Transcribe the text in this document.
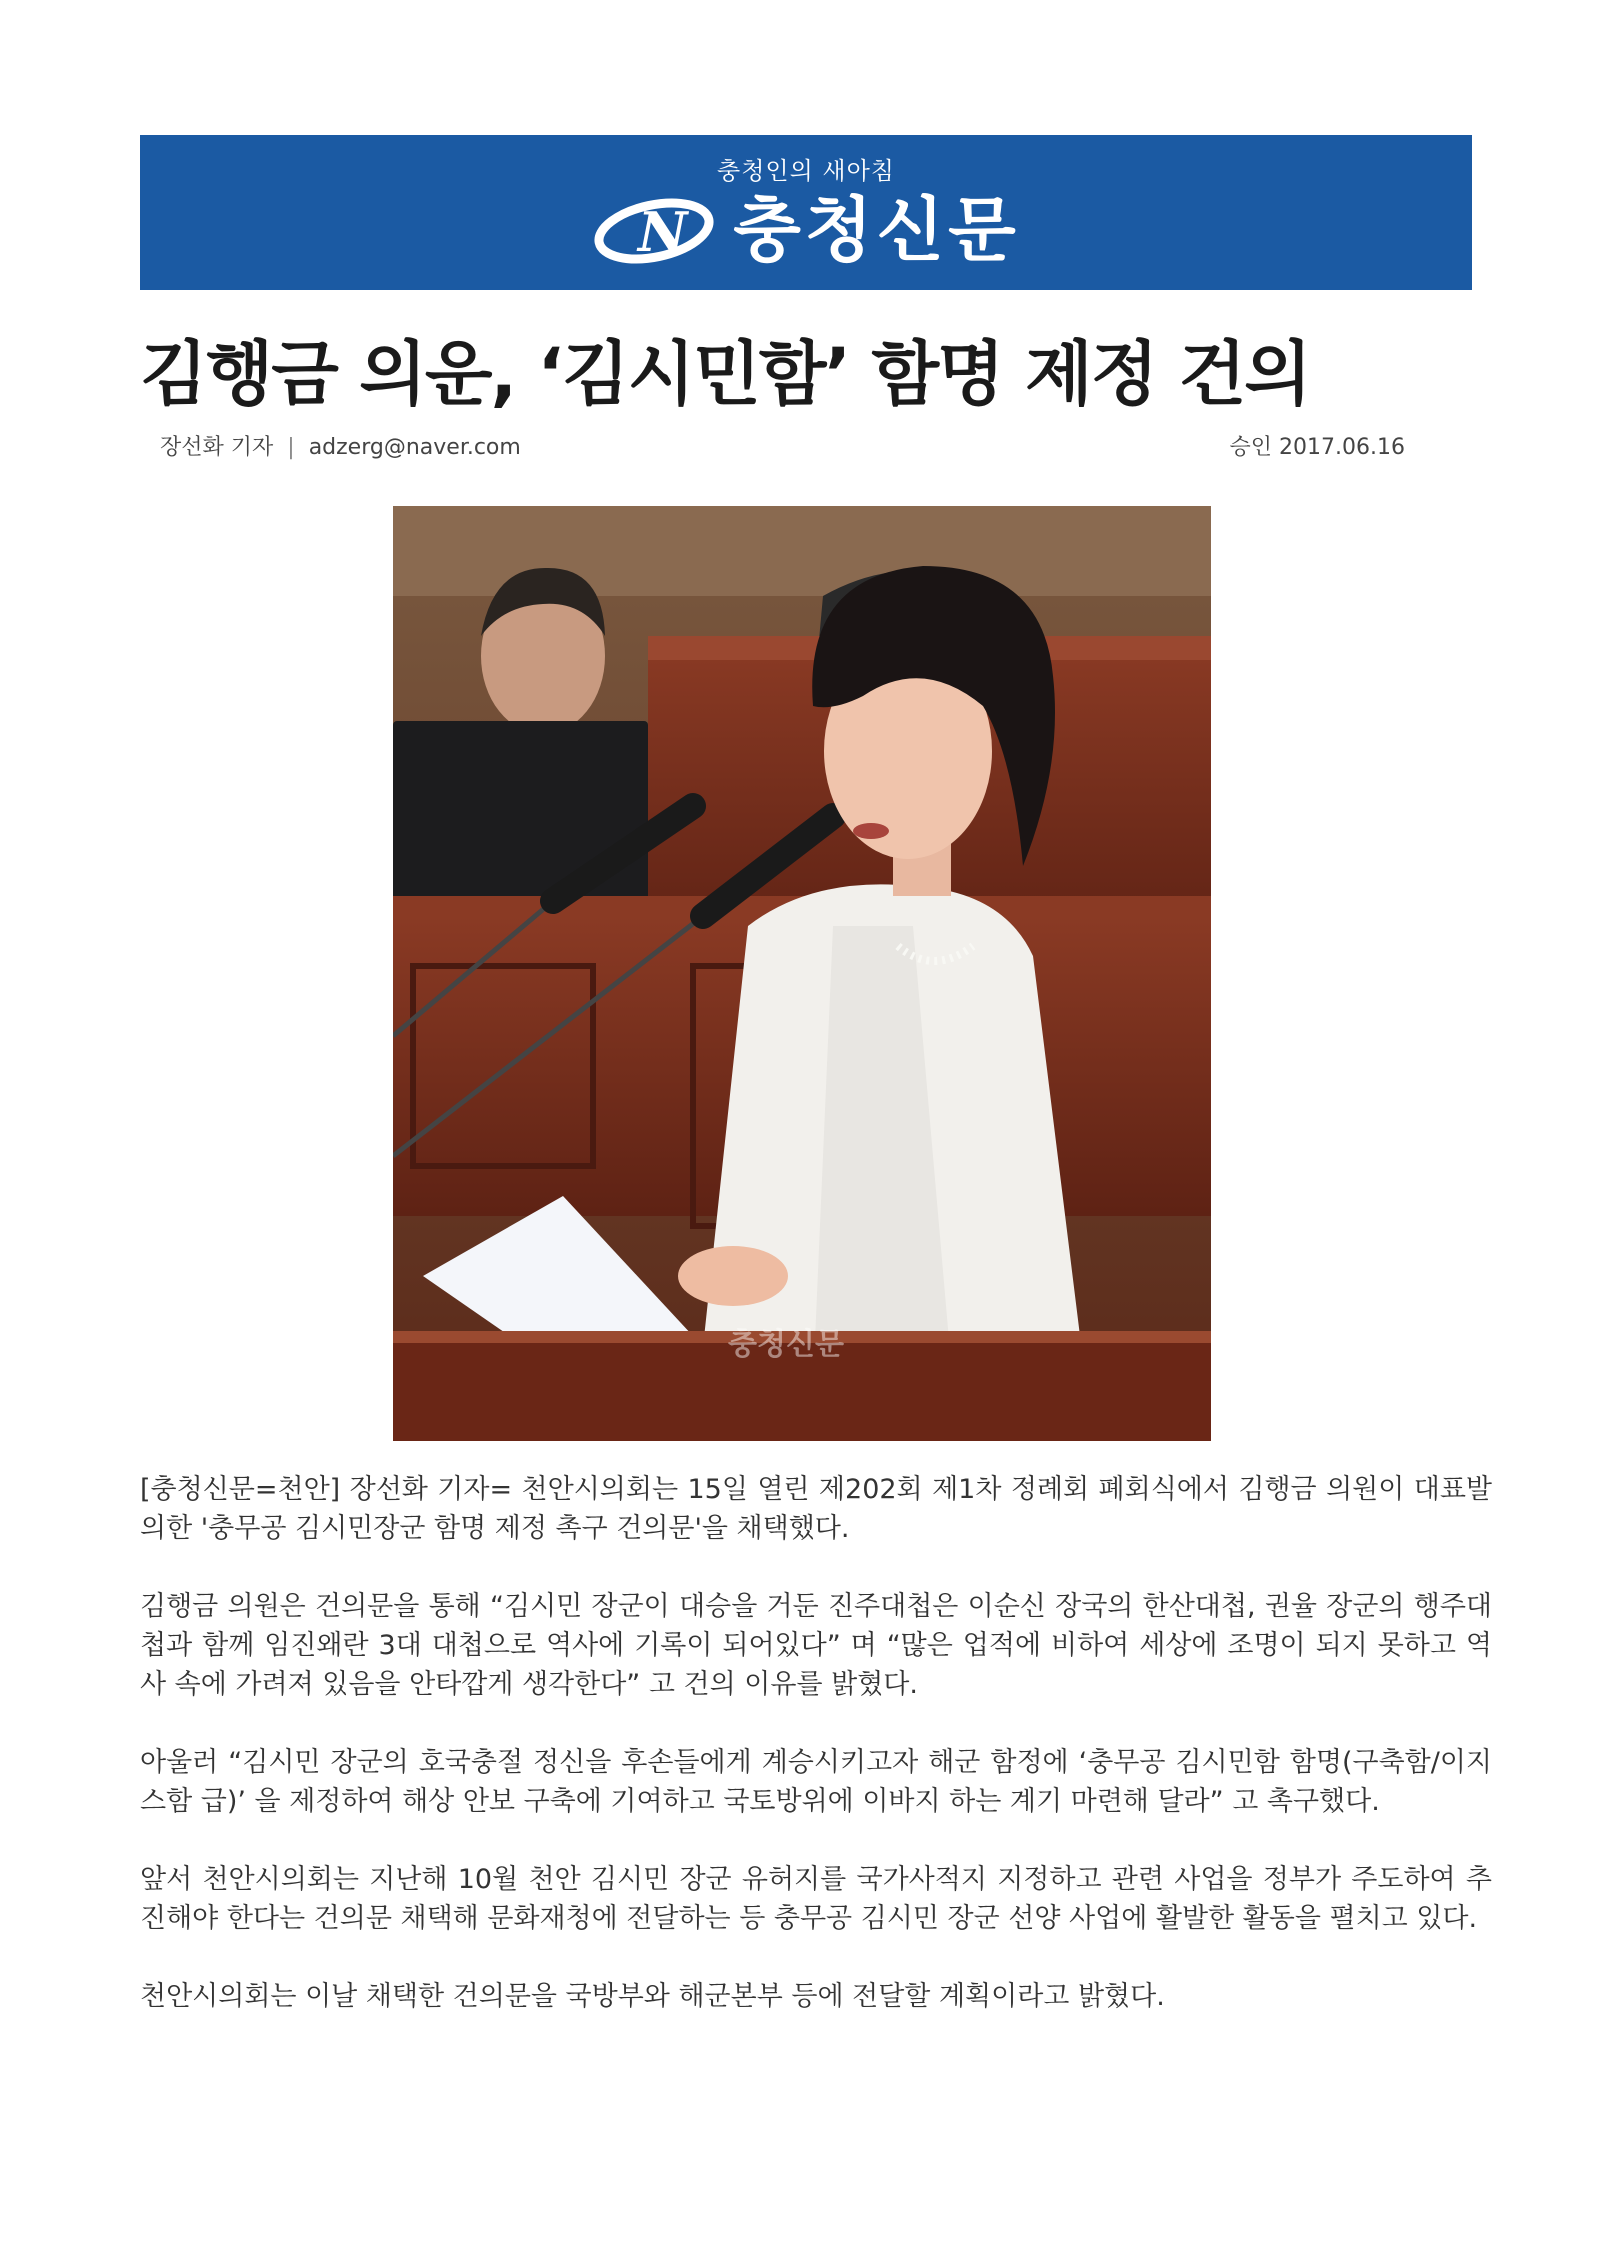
충청인의 새아침
N 충청신문
김행금 의운, ‘김시민함’ 함명 제정 건의
장선화 기자 | adzerg@naver.com	승인 2017.06.16
충청신문

[충청신문=천안] 장선화 기자= 천안시의회는 15일 열린 제202회 제1차 정례회 폐회식에서 김행금 의원이 대표발의한 '충무공 김시민장군 함명 제정 촉구 건의문'을 채택했다.

김행금 의원은 건의문을 통해 “김시민 장군이 대승을 거둔 진주대첩은 이순신 장국의 한산대첩, 권율 장군의 행주대첩과 함께 임진왜란 3대 대첩으로 역사에 기록이 되어있다” 며 “많은 업적에 비하여 세상에 조명이 되지 못하고 역사 속에 가려져 있음을 안타깝게 생각한다” 고 건의 이유를 밝혔다.

아울러 “김시민 장군의 호국충절 정신을 후손들에게 계승시키고자 해군 함정에 ‘충무공 김시민함 함명(구축함/이지스함 급)’ 을 제정하여 해상 안보 구축에 기여하고 국토방위에 이바지 하는 계기 마련해 달라” 고 촉구했다.

앞서 천안시의회는 지난해 10월 천안 김시민 장군 유허지를 국가사적지 지정하고 관련 사업을 정부가 주도하여 추진해야 한다는 건의문 채택해 문화재청에 전달하는 등 충무공 김시민 장군 선양 사업에 활발한 활동을 펼치고 있다.

천안시의회는 이날 채택한 건의문을 국방부와 해군본부 등에 전달할 계획이라고 밝혔다.
